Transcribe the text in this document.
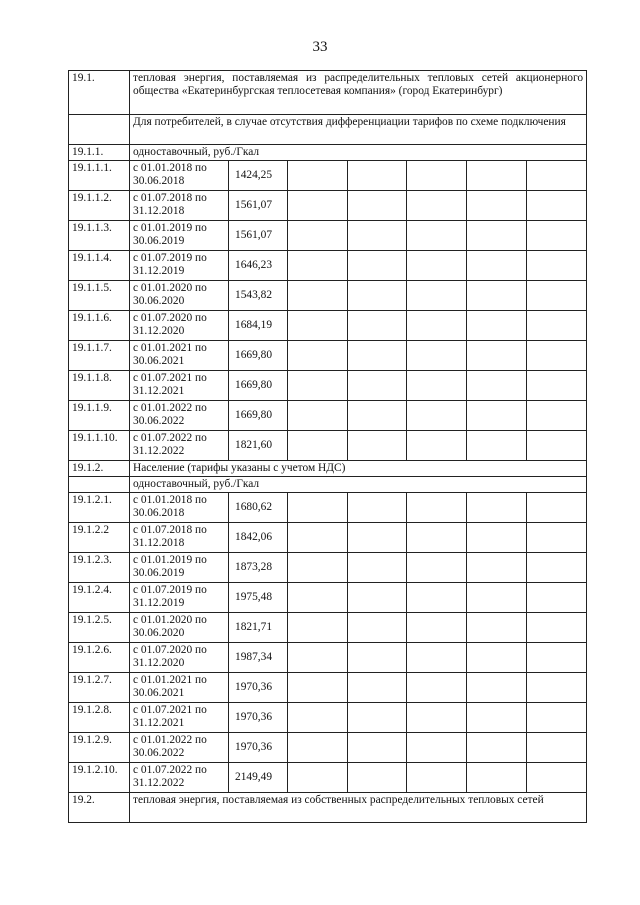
33
19.1.	тепловая энергия, поставляемая из распределительных тепловых сетей акционерного общества «Екатеринбургская теплосетевая компания» (город Екатеринбург)						
	Для потребителей, в случае отсутствия дифференциации тарифов по схеме подключения						
19.1.1.	одноставочный, руб./Гкал						
19.1.1.1.	с 01.01.2018 по 30.06.2018	1424,25					
19.1.1.2.	с 01.07.2018 по 31.12.2018	1561,07					
19.1.1.3.	с 01.01.2019 по 30.06.2019	1561,07					
19.1.1.4.	с 01.07.2019 по 31.12.2019	1646,23					
19.1.1.5.	с 01.01.2020 по 30.06.2020	1543,82					
19.1.1.6.	с 01.07.2020 по 31.12.2020	1684,19					
19.1.1.7.	с 01.01.2021 по 30.06.2021	1669,80					
19.1.1.8.	с 01.07.2021 по 31.12.2021	1669,80					
19.1.1.9.	с 01.01.2022 по 30.06.2022	1669,80					
19.1.1.10.	с 01.07.2022 по 31.12.2022	1821,60					
19.1.2.	Население (тарифы указаны с учетом НДС)						
	одноставочный, руб./Гкал						
19.1.2.1.	с 01.01.2018 по 30.06.2018	1680,62					
19.1.2.2	с 01.07.2018 по 31.12.2018	1842,06					
19.1.2.3.	с 01.01.2019 по 30.06.2019	1873,28					
19.1.2.4.	с 01.07.2019 по 31.12.2019	1975,48					
19.1.2.5.	с 01.01.2020 по 30.06.2020	1821,71					
19.1.2.6.	с 01.07.2020 по 31.12.2020	1987,34					
19.1.2.7.	с 01.01.2021 по 30.06.2021	1970,36					
19.1.2.8.	с 01.07.2021 по 31.12.2021	1970,36					
19.1.2.9.	с 01.01.2022 по 30.06.2022	1970,36					
19.1.2.10.	с 01.07.2022 по 31.12.2022	2149,49					
19.2.	тепловая энергия, поставляемая из собственных распределительных тепловых сетей						
